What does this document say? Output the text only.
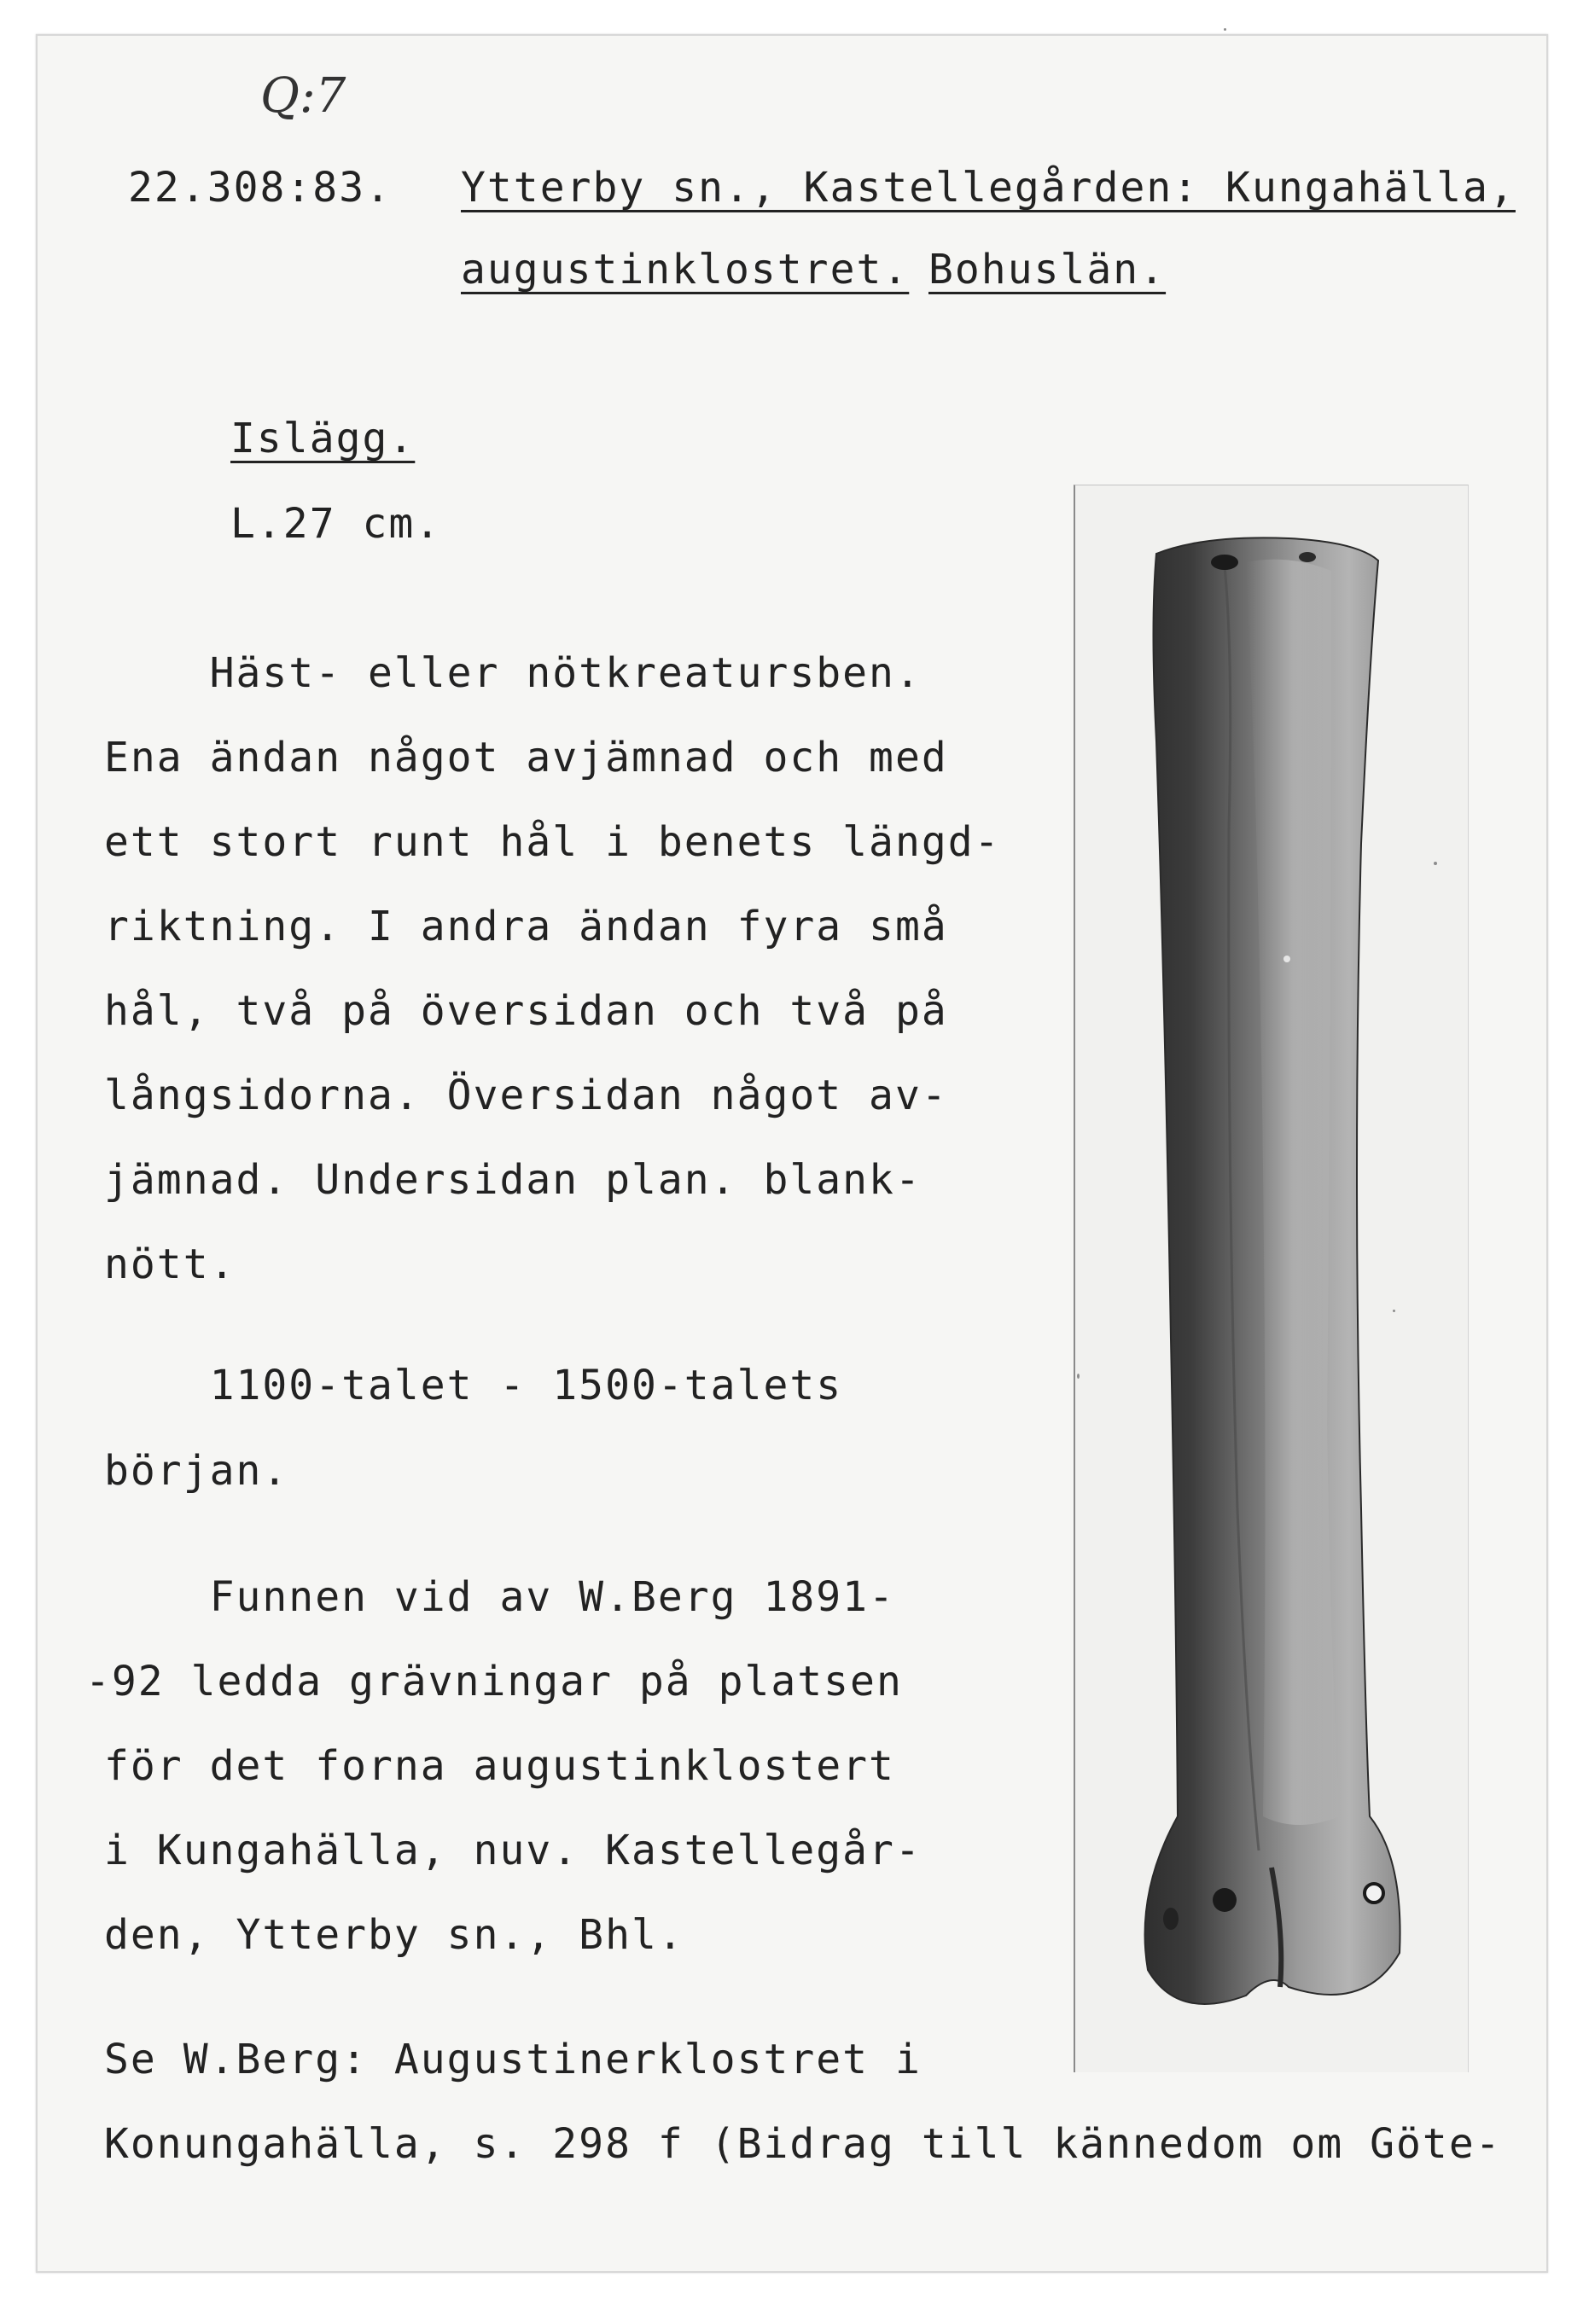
Q:7
22.308:83. Ytterby sn., Kastellegården: Kungahälla,
augustinklostret. Bohuslän.
Islägg.
L.27 cm.
Häst- eller nötkreatursben.
Ena ändan något avjämnad och med
ett stort runt hål i benets längd-
riktning. I andra ändan fyra små
hål, två på översidan och två på
långsidorna. Översidan något av-
jämnad. Undersidan plan. blank-
nött.
1100-talet - 1500-talets
början.
Funnen vid av W.Berg 1891-
-92 ledda grävningar på platsen
för det forna augustinklostert
i Kungahälla, nuv. Kastellegår-
den, Ytterby sn., Bhl.
Se W.Berg: Augustinerklostret i
Konungahälla, s. 298 f (Bidrag till kännedom om Göte-
